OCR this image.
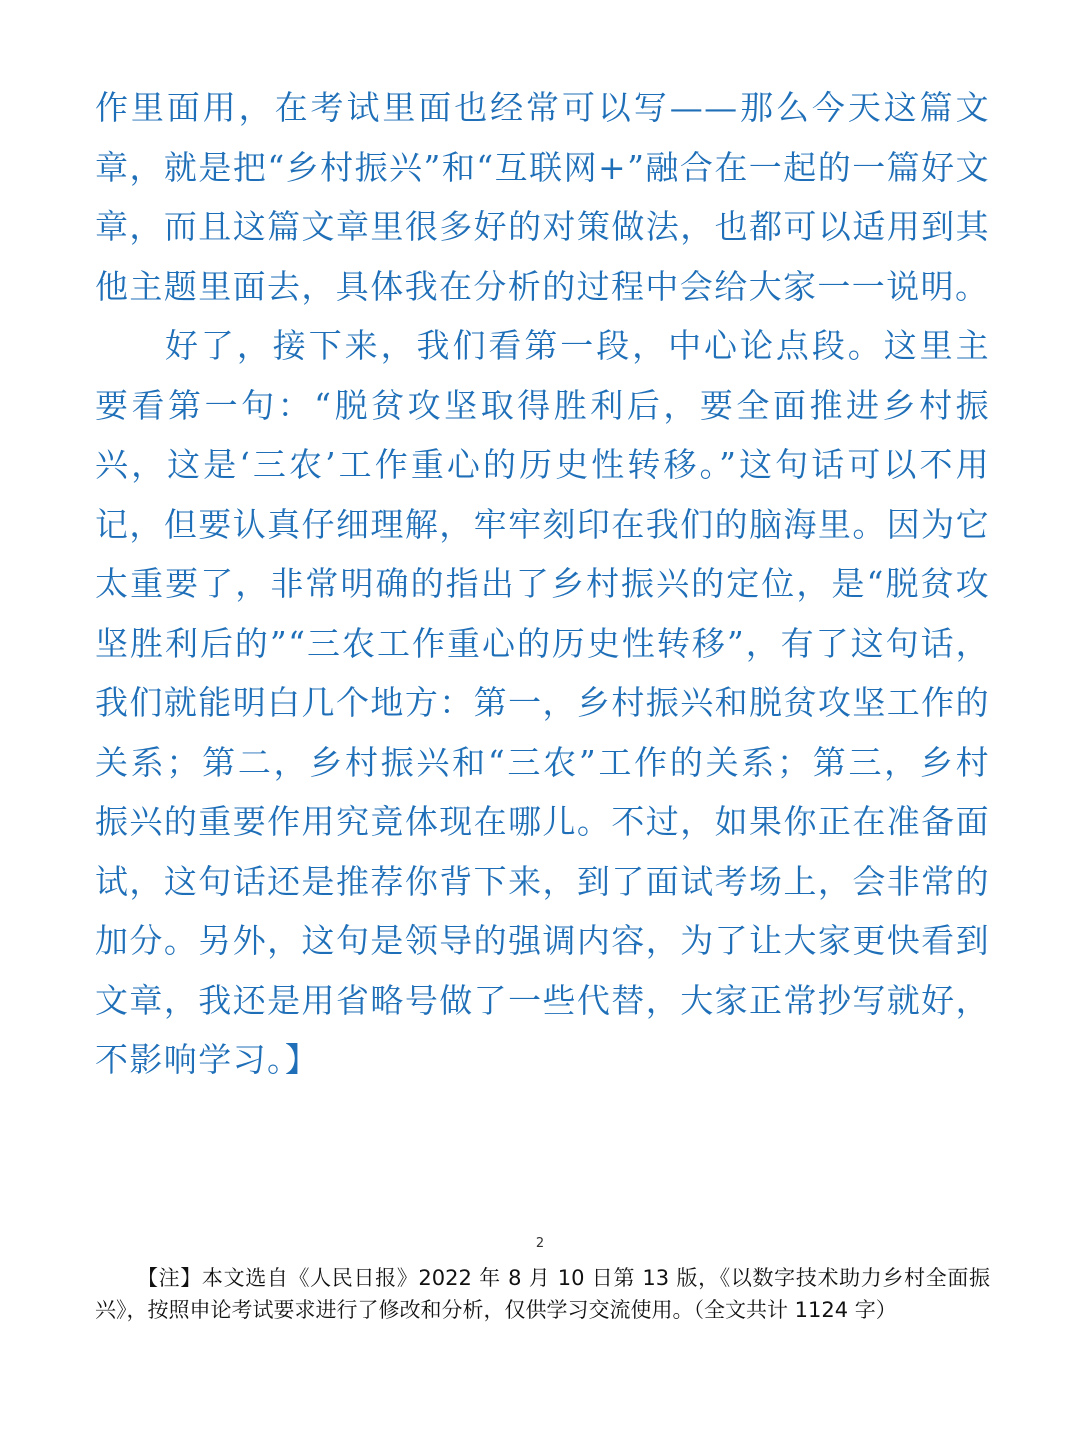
作里面用，在考试里面也经常可以写——那么今天这篇文章，就是把“乡村振兴”和“互联网+”融合在一起的一篇好文章，而且这篇文章里很多好的对策做法，也都可以适用到其他主题里面去，具体我在分析的过程中会给大家一一说明。

好了，接下来，我们看第一段，中心论点段。这里主要看第一句：“脱贫攻坚取得胜利后，要全面推进乡村振兴，这是‘三农’工作重心的历史性转移。”这句话可以不用记，但要认真仔细理解，牢牢刻印在我们的脑海里。因为它太重要了，非常明确的指出了乡村振兴的定位，是“脱贫攻坚胜利后的”“三农工作重心的历史性转移”，有了这句话，我们就能明白几个地方：第一，乡村振兴和脱贫攻坚工作的关系；第二，乡村振兴和“三农”工作的关系；第三，乡村振兴的重要作用究竟体现在哪儿。不过，如果你正在准备面试，这句话还是推荐你背下来，到了面试考场上，会非常的加分。另外，这句是领导的强调内容，为了让大家更快看到文章，我还是用省略号做了一些代替，大家正常抄写就好，不影响学习。】

2

【注】本文选自《人民日报》2022 年 8 月 10 日第 13 版，《以数字技术助力乡村全面振兴》，按照申论考试要求进行了修改和分析，仅供学习交流使用。（全文共计 1124 字）
